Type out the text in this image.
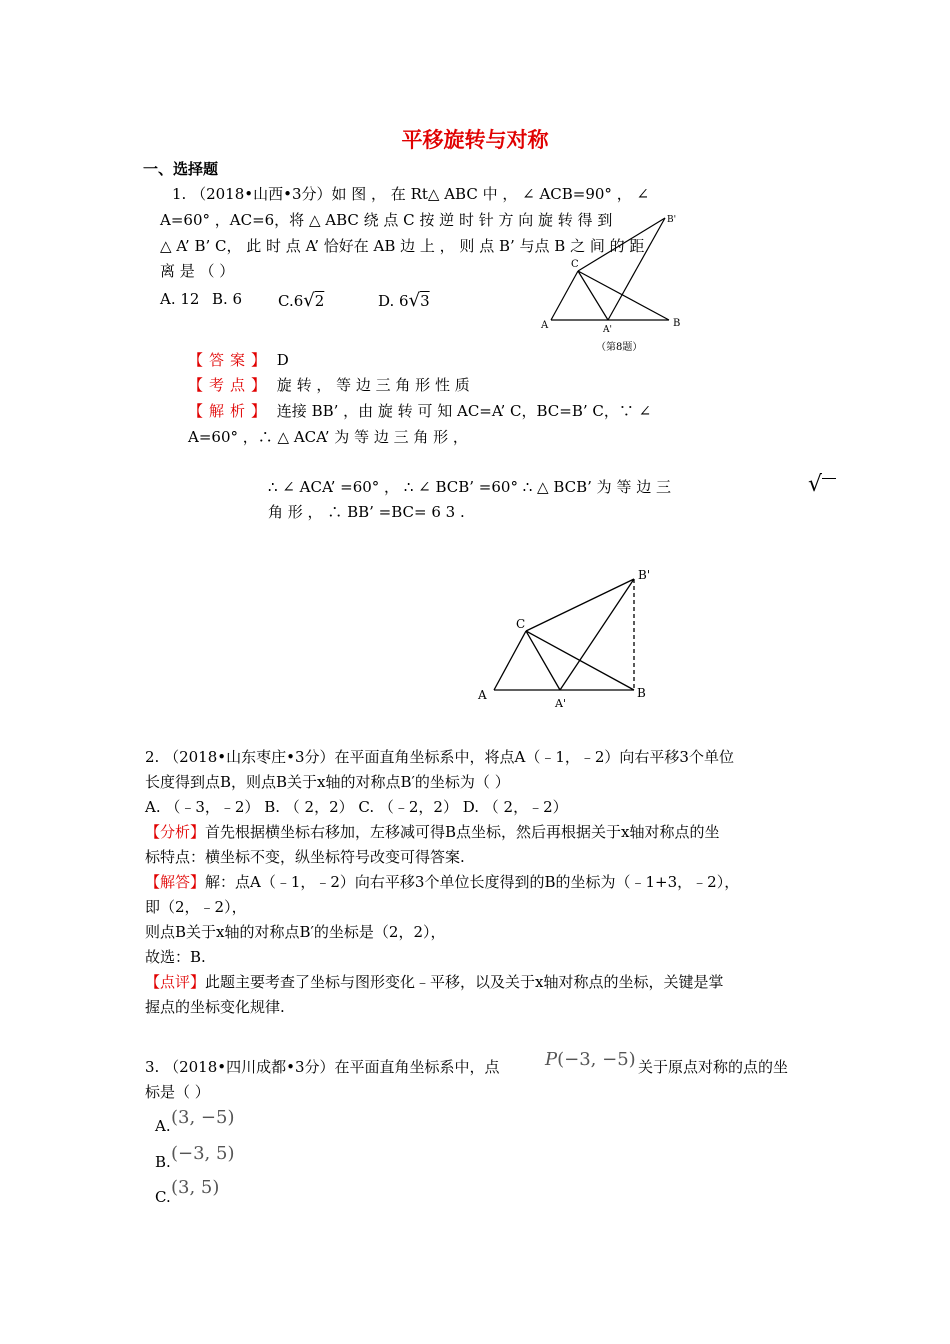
平移旋转与对称
一、选择题
1. （2018•山西•3分）如 图 ， 在 Rt△ ABC 中 ， ∠ ACB=90° ， ∠
A=60° ，AC=6，将 △ ABC 绕 点 C 按 逆 时 针 方 向 旋 转 得 到
△ A’ B’ C， 此 时 点 A’ 恰好在 AB 边 上 ， 则 点 B’ 与点 B 之 间 的 距
离 是 （ ）
A. 12 B. 6 C.6√2	D. 6√3
A	B
C
A'
B'
（第8题）
【答案】 D
【考点】 旋 转 ， 等 边 三 角 形 性 质
【解析】 连接 BB’ ，由 旋 转 可 知 AC=A’ C，BC=B’ C，∵ ∠
A=60° ，∴ △ ACA’ 为 等 边 三 角 形 ，
∴ ∠ ACA’ =60° ， ∴ ∠ BCB’ =60° ∴ △ BCB’ 为 等 边 三
角 形 ， ∴ BB’ =BC= 6 3 .
√
A	B
C
A'
B'
2. （2018•山东枣庄•3分）在平面直角坐标系中，将点A（﹣1，﹣2）向右平移3个单位
长度得到点B，则点B关于x轴的对称点B′的坐标为（ ）
A. （﹣3，﹣2） B. （ 2，2） C. （﹣2，2） D. （ 2，﹣2）
【分析】首先根据横坐标右移加，左移减可得B点坐标，然后再根据关于x轴对称点的坐
标特点：横坐标不变，纵坐标符号改变可得答案.
【解答】解：点A（﹣1，﹣2）向右平移3个单位长度得到的B的坐标为（﹣1+3，﹣2），
即（2，﹣2），
则点B关于x轴的对称点B′的坐标是（2，2），
故选：B.
【点评】此题主要考查了坐标与图形变化﹣平移，以及关于x轴对称点的坐标，关键是掌
握点的坐标变化规律.
3. （2018•四川成都•3分）在平面直角坐标系中，点	P(−3, −5) 关于原点对称的点的坐
标是（ ）
A. (3, −5)
B. (−3, 5)
C. (3, 5)
